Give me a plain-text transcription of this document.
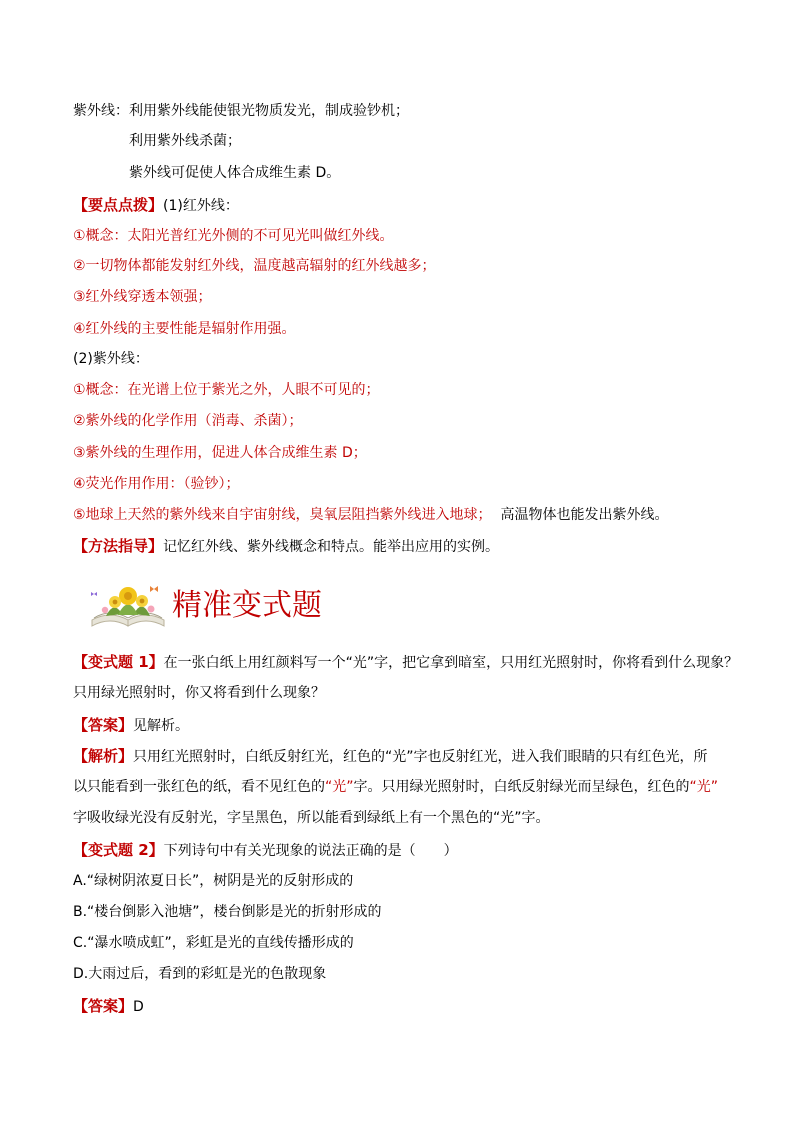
紫外线：利用紫外线能使银光物质发光，制成验钞机；
利用紫外线杀菌；
紫外线可促使人体合成维生素 D。
【要点点拨】(1)红外线：
①概念：太阳光普红光外侧的不可见光叫做红外线。
②一切物体都能发射红外线，温度越高辐射的红外线越多；
③红外线穿透本领强；
④红外线的主要性能是辐射作用强。
(2)紫外线：
①概念：在光谱上位于紫光之外，人眼不可见的；
②紫外线的化学作用（消毒、杀菌）；
③紫外线的生理作用，促进人体合成维生素 D；
④荧光作用作用：（验钞）；
⑤地球上天然的紫外线来自宇宙射线，臭氧层阻挡紫外线进入地球； 高温物体也能发出紫外线。
【方法指导】记忆红外线、紫外线概念和特点。能举出应用的实例。
精准变式题
【变式题 1】在一张白纸上用红颜料写一个“光”字，把它拿到暗室，只用红光照射时，你将看到什么现象？
只用绿光照射时，你又将看到什么现象？
【答案】见解析。
【解析】只用红光照射时，白纸反射红光，红色的“光”字也反射红光，进入我们眼睛的只有红色光，所
以只能看到一张红色的纸，看不见红色的“光”字。只用绿光照射时，白纸反射绿光而呈绿色，红色的“光”
字吸收绿光没有反射光，字呈黑色，所以能看到绿纸上有一个黑色的“光”字。
【变式题 2】下列诗句中有关光现象的说法正确的是（　　）
A.“绿树阴浓夏日长”，树阴是光的反射形成的
B.“楼台倒影入池塘”，楼台倒影是光的折射形成的
C.“瀑水喷成虹”，彩虹是光的直线传播形成的
D.大雨过后，看到的彩虹是光的色散现象
【答案】D
